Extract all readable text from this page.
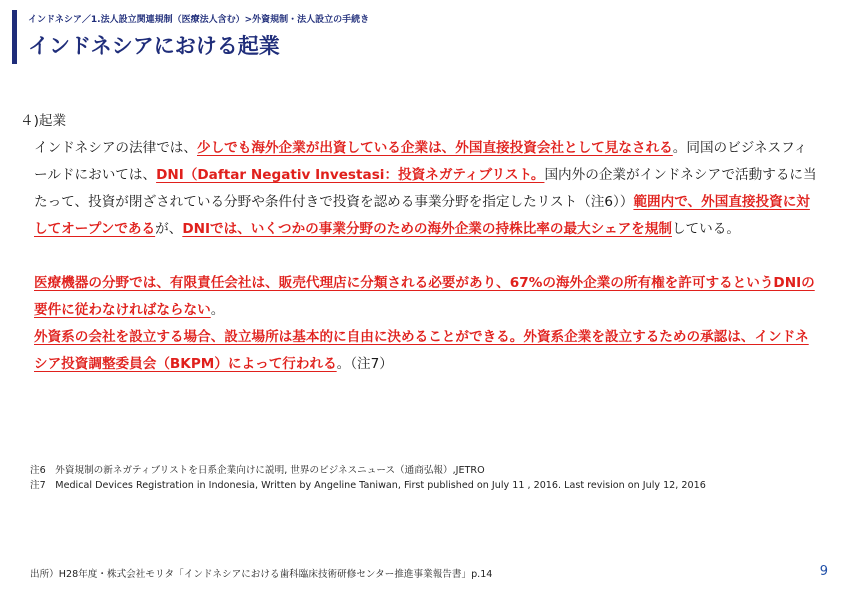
インドネシア／1.法人設立関連規制（医療法人含む）>外資規制・法人設立の手続き
インドネシアにおける起業

４)起業

インドネシアの法律では、少しでも海外企業が出資している企業は、外国直接投資会社として見なされる。同国のビジネスフィールドにおいては、DNI（Daftar Negativ Investasi：投資ネガティブリスト。国内外の企業がインドネシアで活動するに当たって、投資が閉ざされている分野や条件付きで投資を認める事業分野を指定したリスト（注6））範囲内で、外国直接投資に対してオープンであるが、DNIでは、いくつかの事業分野のための海外企業の持株比率の最大シェアを規制している。

医療機器の分野では、有限責任会社は、販売代理店に分類される必要があり、67%の海外企業の所有権を許可するというDNIの要件に従わなければならない。

外資系の会社を設立する場合、設立場所は基本的に自由に決めることができる。外資系企業を設立するための承認は、インドネシア投資調整委員会（BKPM）によって行われる。（注7）

注6　外資規制の新ネガティブリストを日系企業向けに説明, 世界のビジネスニュース（通商弘報）,JETRO

注7　Medical Devices Registration in Indonesia, Written by Angeline Taniwan, First published on July 11 , 2016. Last revision on July 12, 2016

出所）H28年度・株式会社モリタ「インドネシアにおける歯科臨床技術研修センター推進事業報告書」p.14	9
